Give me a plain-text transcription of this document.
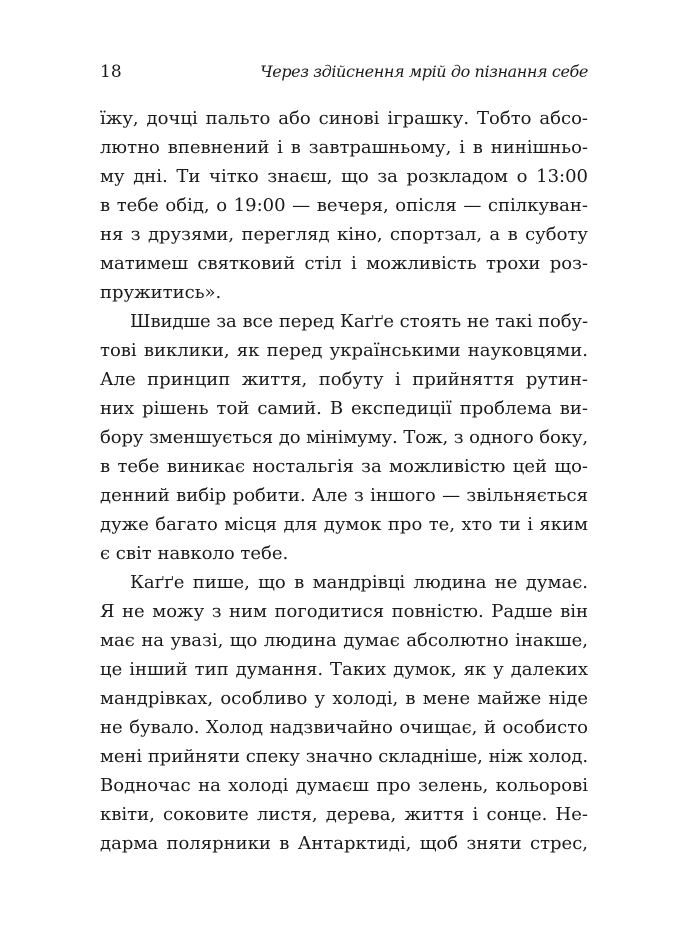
18	Через здійснення мрій до пізнання себе
їжу, дочці пальто або синові іграшку. Тобто абсо-
лютно впевнений і в завтрашньому, і в нинішньо-
му дні. Ти чітко знаєш, що за розкладом о 13:00
в тебе обід, о 19:00 — вечеря, опісля — спілкуван-
ня з друзями, перегляд кіно, спортзал, а в суботу
матимеш святковий стіл і можливість трохи роз-
пружитись».
Швидше за все перед Каґґе стоять не такі побу-
тові виклики, як перед українськими науковцями.
Але принцип життя, побуту і прийняття рутин-
них рішень той самий. В експедиції проблема ви-
бору зменшується до мінімуму. Тож, з одного боку,
в тебе виникає ностальгія за можливістю цей що-
денний вибір робити. Але з іншого — звільняється
дуже багато місця для думок про те, хто ти і яким
є світ навколо тебе.
Каґґе пише, що в мандрівці людина не думає.
Я не можу з ним погодитися повністю. Радше він
має на увазі, що людина думає абсолютно інакше,
це інший тип думання. Таких думок, як у далеких
мандрівках, особливо у холоді, в мене майже ніде
не бувало. Холод надзвичайно очищає, й особисто
мені прийняти спеку значно складніше, ніж холод.
Водночас на холоді думаєш про зелень, кольорові
квіти, соковите листя, дерева, життя і сонце. Не-
дарма полярники в Антарктиді, щоб зняти стрес,
